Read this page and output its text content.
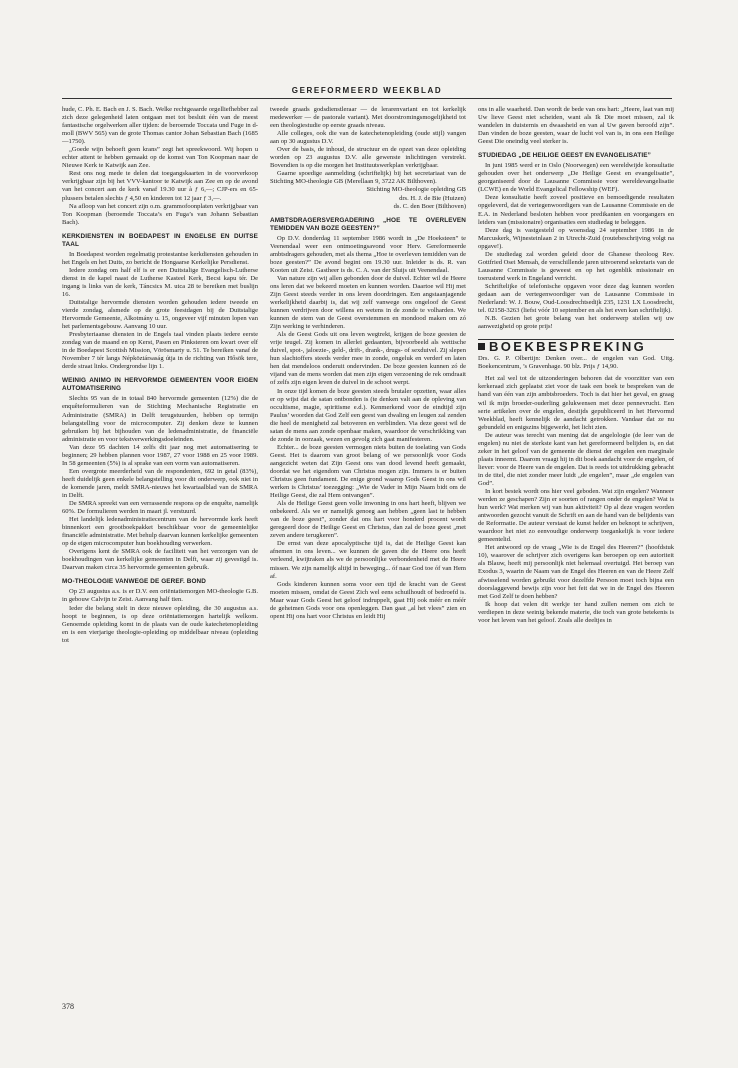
GEREFORMEERD WEEKBLAD

hude, C. Ph. E. Bach en J. S. Bach. Welke rechtgeaarde orgelliefhebber zal zich deze gelegenheid laten ontgaan met tot besluit één van de meest fantastische orgelwerken aller tijden: de beroemde Toccata und Fuge in d-moll (BWV 565) van de grote Thomas cantor Johan Sebastian Bach (1685—1750).

„Goede wijn behoeft geen krans” zegt het spreekwoord. Wij hopen u echter attent te hebben gemaakt op de komst van Ton Koopman naar de Nieuwe Kerk te Katwijk aan Zee.

Rest ons nog mede te delen dat toegangskaarten in de voorverkoop verkrijgbaar zijn bij het VVV-kantoor te Katwijk aan Zee en op de avond van het concert aan de kerk vanaf 19.30 uur à ƒ 6,—; CJP-ers en 65-plussers betalen slechts ƒ 4,50 en kinderen tot 12 jaar ƒ 3,—.

Na afloop van het concert zijn o.m. grammofoonplaten verkrijgbaar van Ton Koopman (beroemde Toccata’s en Fuga’s van Johann Sebastian Bach).

KERKDIENSTEN IN BOEDAPEST IN ENGELSE EN DUITSE TAAL

In Boedapest worden regelmatig protestantse kerkdiensten gehouden in het Engels en het Duits, zo bericht de Hongaarse Kerkelijke Persdienst.

Iedere zondag om half elf is er een Duitstalige Evangelisch-Lutherse dienst in de kapel naast de Lutherse Kasteel Kerk, Becsi kapu tér. De ingang is links van de kerk, Táncsics M. utca 28 te bereiken met buslijn 16.

Duitstalige hervormde diensten worden gehouden iedere tweede en vierde zondag, alsmede op de grote feestdagen bij de Duitstalige Hervormde Gemeente, Alkotmány u. 15, ongeveer vijf minuten lopen van het parlementsgebouw. Aanvang 10 uur.

Presbyteriaanse diensten in de Engels taal vinden plaats iedere eerste zondag van de maand en op Kerst, Pasen en Pinksteren om kwart over elf in de Boedapest Scottish Mission, Vörösmarty u. 51. Te bereiken vanaf de November 7 tér langs Népköztársaság útja in de richting van Hősök tere, derde straat links. Ondergrondse lijn 1.

WEINIG ANIMO IN HERVORMDE GEMEENTEN VOOR EIGEN AUTOMATISERING

Slechts 95 van de in totaal 840 hervormde gemeenten (12%) die de enquêteformulieren van de Stichting Mechanische Registratie en Administratie (SMRA) in Delft terugstuurden, hebben op termijn belangstelling voor de microcomputer. Zij denken deze te kunnen gebruiken bij het bijhouden van de ledenadministratie, de financiële administratie en voor tekstverwerkingsdoeleinden.

Van deze 95 dachten 14 zelfs dit jaar nog met automatisering te beginnen; 29 hebben plannen voor 1987, 27 voor 1988 en 25 voor 1989. In 58 gemeenten (5%) is al sprake van een vorm van automatiseren.

Een overgrote meerderheid van de respondenten, 692 in getal (83%), heeft duidelijk geen enkele belangstelling voor dit onderwerp, ook niet in de komende jaren, meldt SMRA-nieuws het kwartaalblad van de SMRA in Delft.

De SMRA spreekt van een verrassende respons op de enquête, namelijk 60%. De formulieren werden in maart jl. verstuurd.

Het landelijk ledenadministratiecentrum van de hervormde kerk heeft binnenkort een grootboekpakket beschikbaar voor de gemeentelijke financiële administratie. Met behulp daarvan kunnen kerkelijke gemeenten op de eigen microcomputer hun boekhouding verwerken.

Overigens kent de SMRA ook de faciliteit van het verzorgen van de boekhoudingen van kerkelijke gemeenten in Delft, waar zij gevestigd is. Daarvan maken circa 35 hervormde gemeenten gebruik.

MO-THEOLOGIE VANWEGE DE GEREF. BOND

Op 23 augustus a.s. is er D.V. een oriëntatiemorgen MO-theologie G.B. in gebouw Calvijn te Zeist. Aanvang half tien.

Ieder die belang stelt in deze nieuwe opleiding, die 30 augustus a.s. hoopt te beginnen, is op deze oriëntatiemorgen hartelijk welkom. Genoemde opleiding komt in de plaats van de oude katechetenopleiding en is een vierjarige theologie-opleiding op middelbaar niveau (opleiding tot

tweede graads godsdienstleraar — de lerarenvariant en tot kerkelijk medewerker — de pastorale variant). Met doorstromingsmogelijkheid tot een theologiestudie op eerste graads niveau.

Alle colleges, ook die van de katechetenopleiding (oude stijl) vangen aan op 30 augustus D.V.

Over de basis, de inhoud, de structuur en de opzet van deze opleiding worden op 23 augustus D.V. alle gewenste inlichtingen verstrekt. Bovendien is op die morgen het Instituutswerkplan verkrijgbaar.

Gaarne spoedige aanmelding (schriftelijk) bij het secretariaat van de Stichting MO-theologie GB (Merellaan 9, 3722 AK Bilthoven).

Stichting MO-theologie opleiding GB

drs. H. J. de Bie (Huizen)

ds. C. den Boer (Bilthoven)

AMBTSDRAGERSVERGADERING „HOE TE OVERLEVEN TEMIDDEN VAN BOZE GEESTEN?”

Op D.V. donderdag 11 september 1986 wordt in „De Hoeksteen” te Veenendaal weer een ontmoetingsavond voor Herv. Gereformeerde ambtsdragers gehouden, met als thema „Hoe te overleven temidden van de boze geesten?” De avond begint om 19.30 uur. Inleider is ds. R. van Kooten uit Zeist. Gastheer is ds. C. A. van der Sluijs uit Veenendaal.

Van nature zijn wij allen gebonden door de duivel. Echter wil de Heere ons leren dat we bekeerd moeten en kunnen worden. Daartoe wil Hij met Zijn Geest steeds verder in ons leven doordringen. Een angstaanjagende werkelijkheid daarbij is, dat wij zelf vanwege ons ongeloof de Geest kunnen verdrijven door willens en wetens in de zonde te volharden. We kunnen de stem van de Geest overstemmen en mondood maken om zó Zijn werking te verhinderen.

Als de Geest Gods uit ons leven wegtrekt, krijgen de boze geesten de vrije teugel. Zij komen in allerlei gedaanten, bijvoorbeeld als wettische duivel, spot-, jaloezie-, geld-, drift-, drank-, drugs- of sexduivel. Zij slepen hun slachtoffers steeds verder mee in zonde, ongeluk en verderf en laten hen dat mendeloos onderuit ondervinden. De boze geesten kunnen zó de vijand van de mens worden dat men zijn eigen verzoening de rek omdraait of zelfs zijn eigen leven de duivel in de schoot werpt.

In onze tijd komen de boze geesten steeds brutaler opzetten, waar alles er op wijst dat de satan ontbonden is (te denken valt aan de opleving van occultisme, magie, spiritisme e.d.). Kenmerkend voor de eindtijd zijn Paulus’ woorden dat God Zelf een geest van dwaling en leugen zal zenden die heel de menigheid zal betoveren en verblinden. Via deze geest wil de satan de mens aan zonde openbaar maken, waardoor de verschrikking van de zonde in oorzaak, wezen en gevolg zich gaat manifesteren.

Echter... de boze geesten vermogen niets buiten de toelating van Gods Geest. Het is daarom van groot belang of we persoonlijk voor Gods aangezicht weten dat Zijn Geest ons van dood levend heeft gemaakt, doordat we het eigendom van Christus mogen zijn. Immers is er buiten Christus geen fundament. De enige grond waarop Gods Geest in ons wil werken is Christus’ toezegging: „Wie de Vader in Mijn Naam bidt om de Heilige Geest, die zal Hem ontvangen”.

Als de Heilige Geest geen volle inwoning in ons hart heeft, blijven we onbekeerd. Als we er namelijk genoeg aan hebben „geen last te hebben van de boze geest”, zonder dat ons hart voor honderd procent wordt geregeerd door de Heilige Geest en Christus, dan zal de boze geest „met zeven andere terugkeren”.

De ernst van deze apocalyptische tijd is, dat de Heilige Geest kan afnemen in ons leven... we kunnen de gaven die de Heere ons heeft verleend, kwijtraken als we de persoonlijke verbondenheid met de Heere missen. We zijn namelijk altijd in beweging... óf naar God toe óf van Hem af.

Gods kinderen kunnen soms voor een tijd de kracht van de Geest moeten missen, omdat de Geest Zich wel eens schuilhoudt of bedroefd is. Maar waar Gods Geest het geloof indruppelt, gaat Hij ook méér en méér de geheimen Gods voor ons openleggen. Dan gaat „al het vlees” zien en opent Hij ons hart voor Christus en leidt Hij

ons in alle waarheid. Dan wordt de bede van ons hart: „Heere, laat van mij Uw lieve Geest niet scheiden, want als Ik Die moet missen, zal ik wandelen in duisternis en dwaasheid en van al Uw gaven beroofd zijn”. Dan vinden de boze geesten, waar de lucht vol van is, in ons een Heilige Geest Die oneindig veel sterker is.

STUDIEDAG „DE HEILIGE GEEST EN EVANGELISATIE”

In juni 1985 werd er in Oslo (Noorwegen) een wereldwijde konsultatie gehouden over het onderwerp „De Heilige Geest en evangelisatie”, georganiseerd door de Lausanne Commissie voor wereldevangelisatie (LCWE) en de World Evangelical Fellowship (WEF).

Deze konsultatie heeft zoveel positieve en bemoedigende resultaten opgeleverd, dat de vertegenwoordigers van de Lausanne Commissie en de E.A. in Nederland besloten hebben voor predikanten en voorgangers en leiders van (missionaire) organisaties een studiedag te beleggen.

Deze dag is vastgesteld op woensdag 24 september 1986 in de Marcuskerk, Wijnesteinlaan 2 in Utrecht-Zuid (routebeschrijving volgt na opgave!).

De studiedag zal worden geleid door de Ghanese theoloog Rev. Gottfried Osei Mensah, de verschillende jaren uitvoerend sekretaris van de Lausanne Commissie is geweest en op het ogenblik missionair en toerustend werk in Engeland verricht.

Schriftelijke of telefonische opgaven voor deze dag kunnen worden gedaan aan de vertegenwoordiger van de Lausanne Commissie in Nederland: W. J. Bouw, Oud-Loosdrechtsedijk 235, 1231 LX Loosdrecht, tel. 02158-3263 (liefst vóór 10 september en als het even kan schriftelijk).

N.B. Gezien het grote belang van het onderwerp stellen wij uw aanwezigheid op grote prijs!

BOEKBESPREKING

Drs. G. P. Olbertijn: Denken over... de engelen van God. Uitg. Boekencentrum, ’s Gravenhage. 90 blz. Prijs ƒ 14,90.

Het zal wel tot de uitzonderingen behoren dat de voorzitter van een kerkeraad zich geplaatst ziet voor de taak een boek te bespreken van de hand van één van zijn ambtsbroeders. Toch is dat hier het geval, en graag wil ik mijn broeder-ouderling gelukwensen met deze pennevrucht. Een serie artikelen over de engelen, destijds gepubliceerd in het Hervormd Weekblad, heeft kennelijk de aandacht getrokken. Vandaar dat ze nu gebundeld en enigszins bijgewerkt, het licht zien.

De auteur was terecht van mening dat de angelologie (de leer van de engelen) nu niet de sterkste kant van het gereformeerd belijden is, en dat zeker in het geloof van de gemeente de dienst der engelen een marginale plaats inneemt. Daarom vraagt hij in dit boek aandacht voor de engelen, of liever: voor de Heere van de engelen. Dat is reeds tot uitdrukking gebracht in de titel, die niet zonder meer luidt „de engelen”, maar „de engelen van God”.

In kort bestek wordt ons hier veel geboden. Wat zijn engelen? Wanneer werden ze geschapen? Zijn er soorten of rangen onder de engelen? Wat is hun werk? Wat merken wij van hun aktiviteit? Op al deze vragen worden antwoorden gezocht vanuit de Schrift en aan de hand van de belijdenis van de Reformatie. De auteur verstaat de kunst helder en beknopt te schrijven, waardoor het niet zo eenvoudige onderwerp toegankelijk is voor iedere gemeentelid.

Het antwoord op de vraag „Wie is de Engel des Heeren?” (hoofdstuk 10), waarover de schrijver zich overigens kan beroepen op een autoriteit als Blauw, heeft mij persoonlijk niet helemaal overtuigd. Het beroep van Exodus 3, waarin de Naam van de Engel des Heeren en van de Heere Zelf afwisselend worden gebruikt voor dezelfde Persoon moet toch bijna een doorslaggevend bewijs zijn voor het feit dat we in de Engel des Heeren met God Zelf te doen hebben?

Ik hoop dat velen dit werkje ter hand zullen nemen om zich te verdiepen in deze weinig bekende materie, die toch van grote betekenis is voor het leven van het geloof. Zoals alle deeltjes in

378
